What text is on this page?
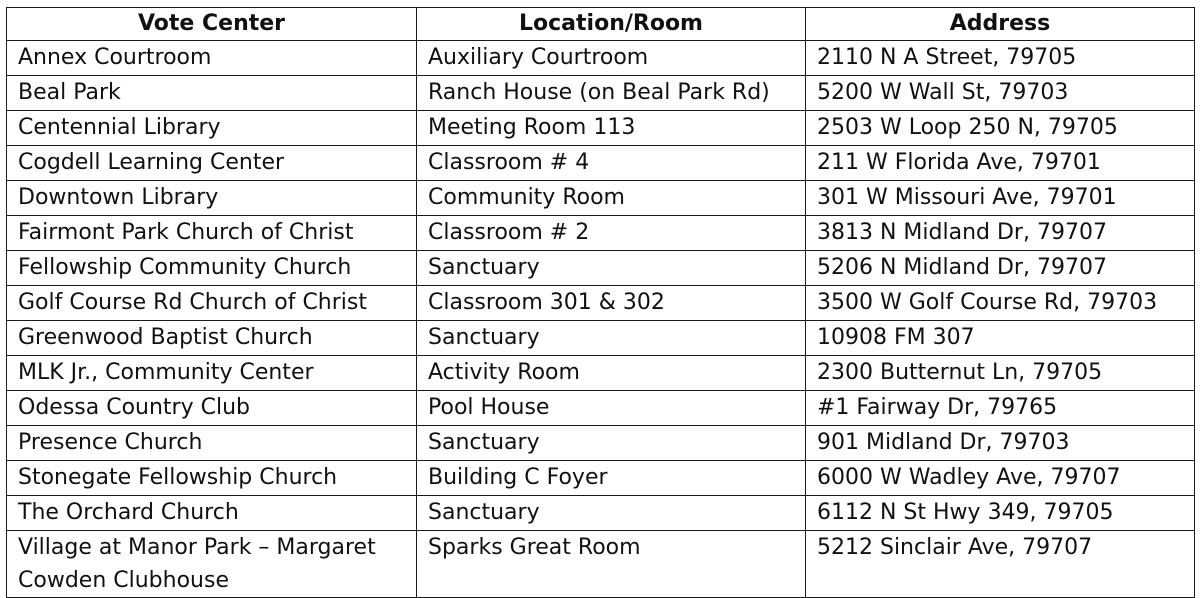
Vote Center	Location/Room	Address
Annex Courtroom	Auxiliary Courtroom	2110 N A Street, 79705
Beal Park	Ranch House (on Beal Park Rd)	5200 W Wall St, 79703
Centennial Library	Meeting Room 113	2503 W Loop 250 N, 79705
Cogdell Learning Center	Classroom # 4	211 W Florida Ave, 79701
Downtown Library	Community Room	301 W Missouri Ave, 79701
Fairmont Park Church of Christ	Classroom # 2	3813 N Midland Dr, 79707
Fellowship Community Church	Sanctuary	5206 N Midland Dr, 79707
Golf Course Rd Church of Christ	Classroom 301 & 302	3500 W Golf Course Rd, 79703
Greenwood Baptist Church	Sanctuary	10908 FM 307
MLK Jr., Community Center	Activity Room	2300 Butternut Ln, 79705
Odessa Country Club	Pool House	#1 Fairway Dr, 79765
Presence Church	Sanctuary	901 Midland Dr, 79703
Stonegate Fellowship Church	Building C Foyer	6000 W Wadley Ave, 79707
The Orchard Church	Sanctuary	6112 N St Hwy 349, 79705
Village at Manor Park – Margaret Cowden Clubhouse	Sparks Great Room	5212 Sinclair Ave, 79707
